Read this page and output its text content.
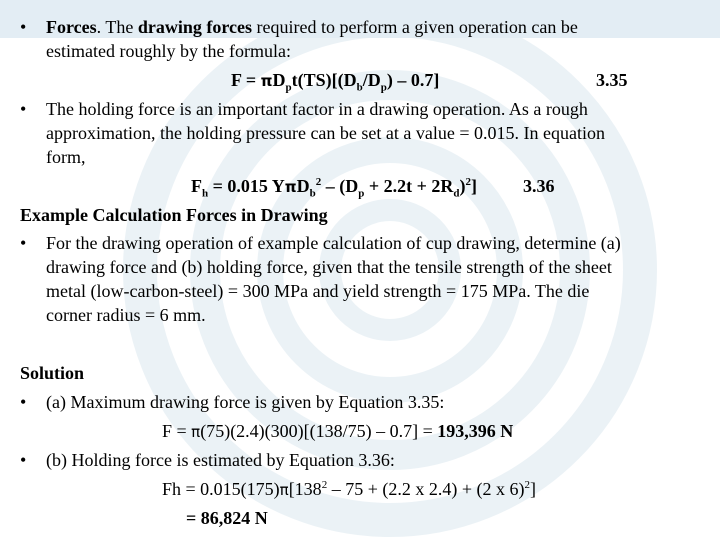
• Forces. The drawing forces required to perform a given operation can be
estimated roughly by the formula:
$F = \pi D_pt(TS)[(D_b/D_p) - 0.7]$	3.35
• The holding force is an important factor in a drawing operation. As a rough
approximation, the holding pressure can be set at a value = 0.015. In equation
form,
$F_h = 0.015$ $Y\pi D_b^2 - (D_p + 2.2t + 2R_d)^2$]	3.36
Example Calculation Forces in Drawing
• For the drawing operation of example calculation of cup drawing, determine (a)
drawing force and (b) holding force, given that the tensile strength of the sheet
metal (low-carbon-steel) = 300 MPa and yield strength = 175 MPa. The die
corner radius = 6 mm.
Solution
• (a) Maximum drawing force is given by Equation 3.35:
F = π(75)(2.4)(300)[(138/75) – 0.7] = 193,396 N
• (b) Holding force is estimated by Equation 3.36:
$Fh = 0.015(175)\pi[138^2 - 75 + (2.2$ x 2.4) + (2 x 6)$^2$]
= 86,824 N
